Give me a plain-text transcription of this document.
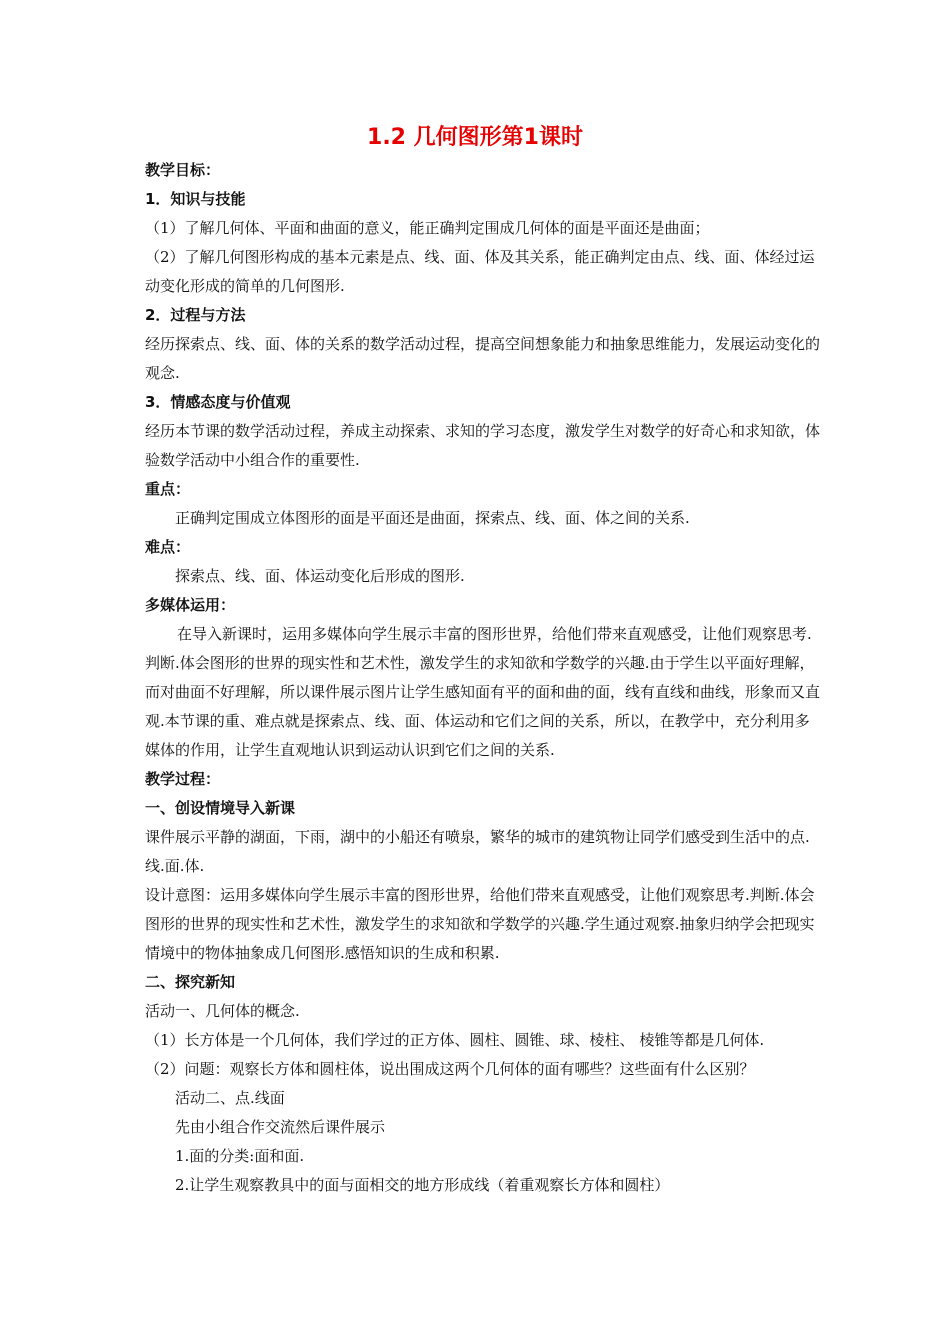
1.2 几何图形第1课时

教学目标：

1．知识与技能

（1）了解几何体、平面和曲面的意义，能正确判定围成几何体的面是平面还是曲面；

（2）了解几何图形构成的基本元素是点、线、面、体及其关系，能正确判定由点、线、面、体经过运动变化形成的简单的几何图形.

2．过程与方法

经历探索点、线、面、体的关系的数学活动过程，提高空间想象能力和抽象思维能力，发展运动变化的观念.

3．情感态度与价值观

经历本节课的数学活动过程，养成主动探索、求知的学习态度，激发学生对数学的好奇心和求知欲，体验数学活动中小组合作的重要性.

重点：

正确判定围成立体图形的面是平面还是曲面，探索点、线、面、体之间的关系.

难点：

探索点、线、面、体运动变化后形成的图形.

多媒体运用：

在导入新课时，运用多媒体向学生展示丰富的图形世界，给他们带来直观感受，让他们观察思考.判断.体会图形的世界的现实性和艺术性，激发学生的求知欲和学数学的兴趣.由于学生以平面好理解，而对曲面不好理解，所以课件展示图片让学生感知面有平的面和曲的面，线有直线和曲线，形象而又直观.本节课的重、难点就是探索点、线、面、体运动和它们之间的关系，所以，在教学中，充分利用多媒体的作用，让学生直观地认识到运动认识到它们之间的关系.

教学过程：

一、创设情境导入新课

课件展示平静的湖面，下雨，湖中的小船还有喷泉，繁华的城市的建筑物让同学们感受到生活中的点.线.面.体.

设计意图：运用多媒体向学生展示丰富的图形世界，给他们带来直观感受，让他们观察思考.判断.体会图形的世界的现实性和艺术性，激发学生的求知欲和学数学的兴趣.学生通过观察.抽象归纳学会把现实情境中的物体抽象成几何图形.感悟知识的生成和积累.

二、探究新知

活动一、几何体的概念.

（1）长方体是一个几何体，我们学过的正方体、圆柱、圆锥、球、棱柱、 棱锥等都是几何体.

（2）问题：观察长方体和圆柱体，说出围成这两个几何体的面有哪些？这些面有什么区别？

活动二、点.线面

先由小组合作交流然后课件展示

1.面的分类:面和面.

2.让学生观察教具中的面与面相交的地方形成线（着重观察长方体和圆柱）
